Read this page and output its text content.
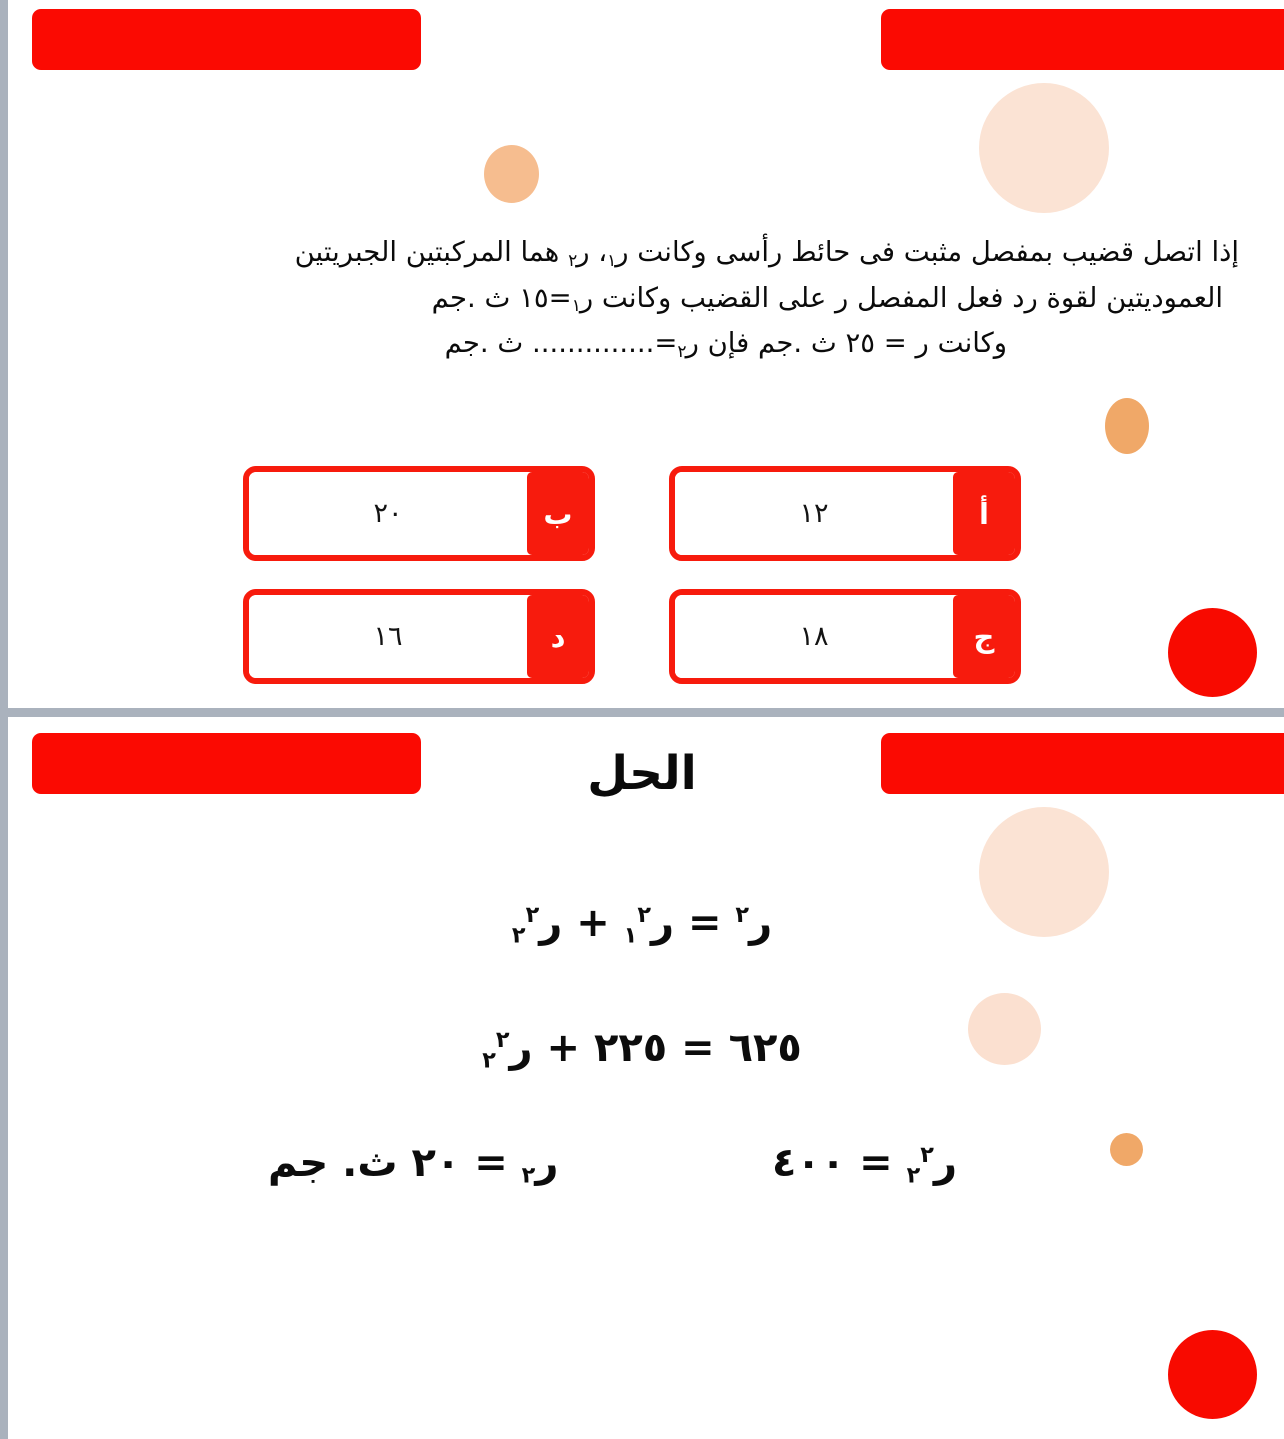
إذا اتصل قضيب بمفصل مثبت فى حائط رأسى وكانت ر$_١$، ر$_٢$ هما المركبتين الجبريتين
العموديتين لقوة رد فعل المفصل ر على القضيب وكانت ر$_١$=١٥ ث .جم
وكانت ر = ٢٥ ث .جم فإن ر$_٢$=.............. ث .جم
أ
١٢
ب
٢٠
ج
١٨
د
١٦
الحل
ر$^٢$ = ر$_١^٢$ + ر$_٢^٢$
٦٢٥ = ٢٢٥ + ر$_٢^٢$
ر$_٢^٢$ = ٤٠٠
ر$_٢$ = ٢٠ ث. جم
